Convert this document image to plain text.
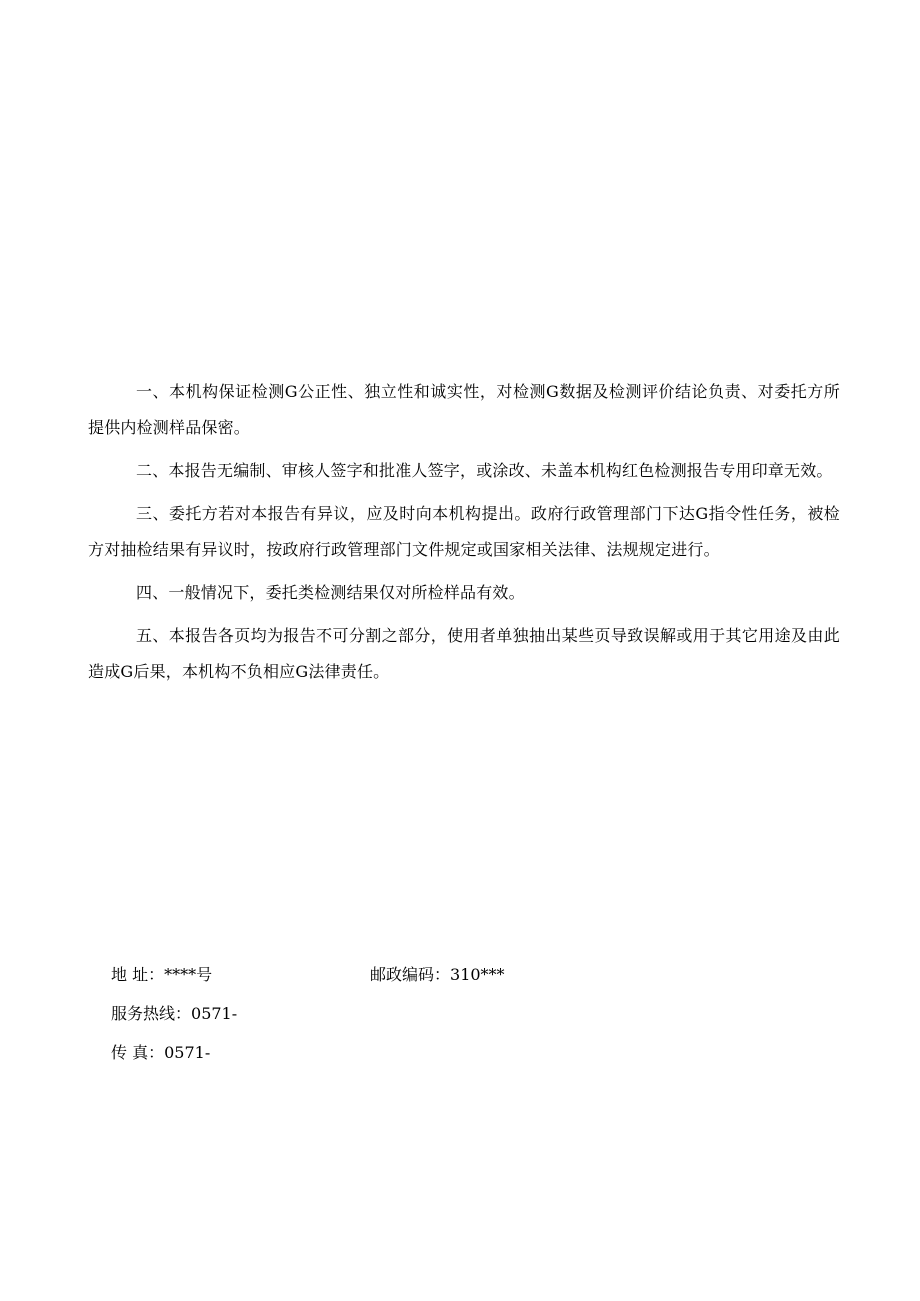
一、本机构保证检测G公正性、独立性和诚实性，对检测G数据及检测评价结论负责、对委托方所提供内检测样品保密。

二、本报告无编制、审核人签字和批准人签字，或涂改、未盖本机构红色检测报告专用印章无效。

三、委托方若对本报告有异议，应及时向本机构提出。政府行政管理部门下达G指令性任务，被检方对抽检结果有异议时，按政府行政管理部门文件规定或国家相关法律、法规规定进行。

四、一般情况下，委托类检测结果仅对所检样品有效。

五、本报告各页均为报告不可分割之部分，使用者单独抽出某些页导致误解或用于其它用途及由此造成G后果，本机构不负相应G法律责任。

地 址：****号	邮政编码：310***
服务热线：0571-
传 真：0571-
